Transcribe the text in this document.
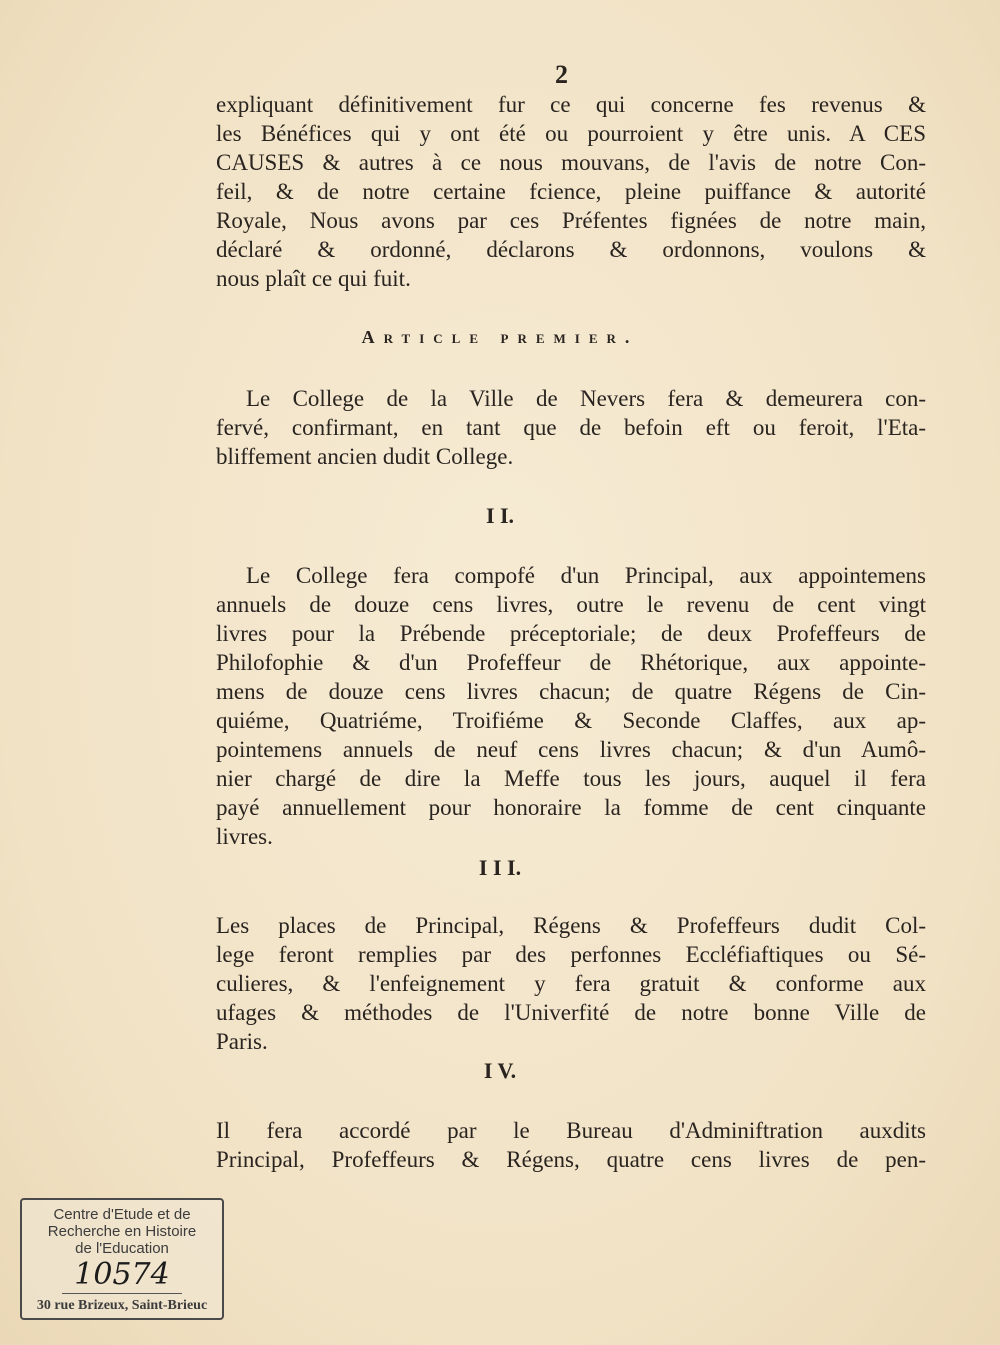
2
expliquant définitivement fur ce qui concerne fes revenus &
les Bénéfices qui y ont été ou pourroient y être unis. A CES
CAUSES & autres à ce nous mouvans, de l'avis de notre Con-
feil, & de notre certaine fcience, pleine puiffance & autorité
Royale, Nous avons par ces Préfentes fignées de notre main,
déclaré & ordonné, déclarons & ordonnons, voulons &
nous plaît ce qui fuit.
Article premier.
Le College de la Ville de Nevers fera & demeurera con-
fervé, confirmant, en tant que de befoin eft ou feroit, l'Eta-
bliffement ancien dudit College.
I I.
Le College fera compofé d'un Principal, aux appointemens
annuels de douze cens livres, outre le revenu de cent vingt
livres pour la Prébende préceptoriale; de deux Profeffeurs de
Philofophie & d'un Profeffeur de Rhétorique, aux appointe-
mens de douze cens livres chacun; de quatre Régens de Cin-
quiéme, Quatriéme, Troifiéme & Seconde Claffes, aux ap-
pointemens annuels de neuf cens livres chacun; & d'un Aumô-
nier chargé de dire la Meffe tous les jours, auquel il fera
payé annuellement pour honoraire la fomme de cent cinquante
livres.
I I I.
Les places de Principal, Régens & Profeffeurs dudit Col-
lege feront remplies par des perfonnes Eccléfiaftiques ou Sé-
culieres, & l'enfeignement y fera gratuit & conforme aux
ufages & méthodes de l'Univerfité de notre bonne Ville de
Paris.
I V.
Il fera accordé par le Bureau d'Adminiftration auxdits
Principal, Profeffeurs & Régens, quatre cens livres de pen-
Centre d'Etude et de
Recherche en Histoire
de l'Education
10574
30 rue Brizeux, Saint-Brieuc
